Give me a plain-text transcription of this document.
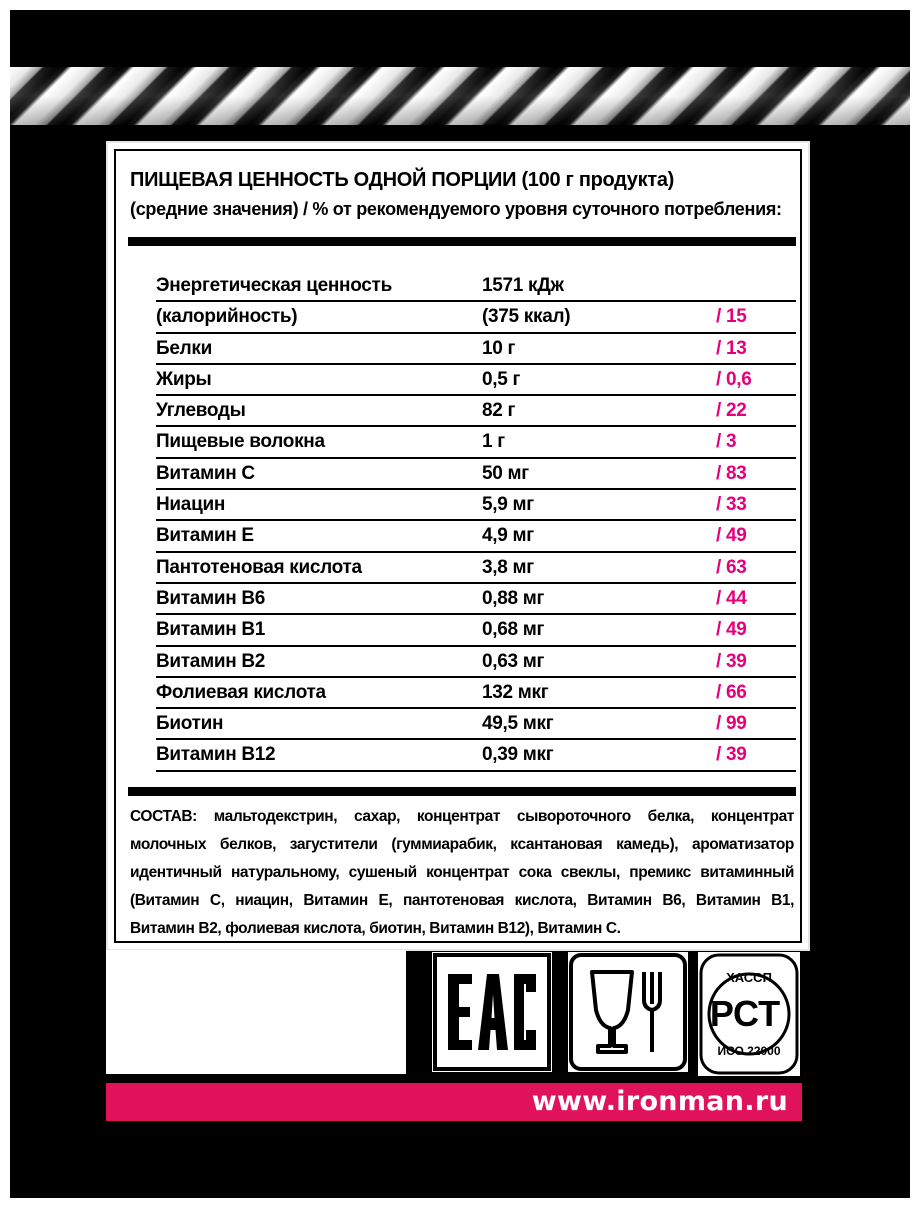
ПИЩЕВАЯ ЦЕННОСТЬ ОДНОЙ ПОРЦИИ (100 г продукта)
(средние значения) / % от рекомендуемого уровня суточного потребления:
Энергетическая ценность	1571 кДж
(калорийность)	(375 ккал)	/ 15
Белки	10 г	/ 13
Жиры	0,5 г	/ 0,6
Углеводы	82 г	/ 22
Пищевые волокна	1 г	/ 3
Витамин С	50 мг	/ 83
Ниацин	5,9 мг	/ 33
Витамин Е	4,9 мг	/ 49
Пантотеновая кислота	3,8 мг	/ 63
Витамин В6	0,88 мг	/ 44
Витамин В1	0,68 мг	/ 49
Витамин В2	0,63 мг	/ 39
Фолиевая кислота	132 мкг	/ 66
Биотин	49,5 мкг	/ 99
Витамин В12	0,39 мкг	/ 39
СОСТАВ: мальтодекстрин, сахар, концентрат сывороточного белка, концентрат молочных белков, загустители (гуммиарабик, ксантановая камедь), ароматизатор идентичный натуральному, сушеный концентрат сока свеклы, премикс витаминный (Витамин С, ниацин, Витамин Е, пантотеновая кислота, Витамин В6, Витамин В1, Витамин В2, фолиевая кислота, биотин, Витамин В12), Витамин С.
EAC
ХАССП
РСТ
ИСО 22000
www.ironman.ru
